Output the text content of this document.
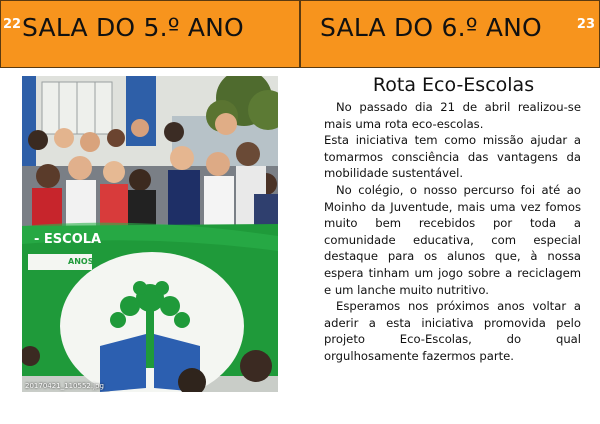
22 SALA DO 5.º ANO	SALA DO 6.º ANO	23
- ESCOLA
ANOS
20170421_110552.jpg
Rota Eco-Escolas

No passado dia 21 de abril realizou-se mais uma rota eco-escolas.

Esta iniciativa tem como missão ajudar a tomarmos consciência das vantagens da mobilidade sustentável.

No colégio, o nosso percurso foi até ao Moinho da Juventude, mais uma vez fomos muito bem recebidos por toda a comunidade educativa, com especial destaque para os alunos que, à nossa espera tinham um jogo sobre a reciclagem e um lanche muito nutritivo.

Esperamos nos próximos anos voltar a aderir a esta iniciativa promovida pelo projeto Eco-Escolas, do qual orgulhosamente fazermos parte.
